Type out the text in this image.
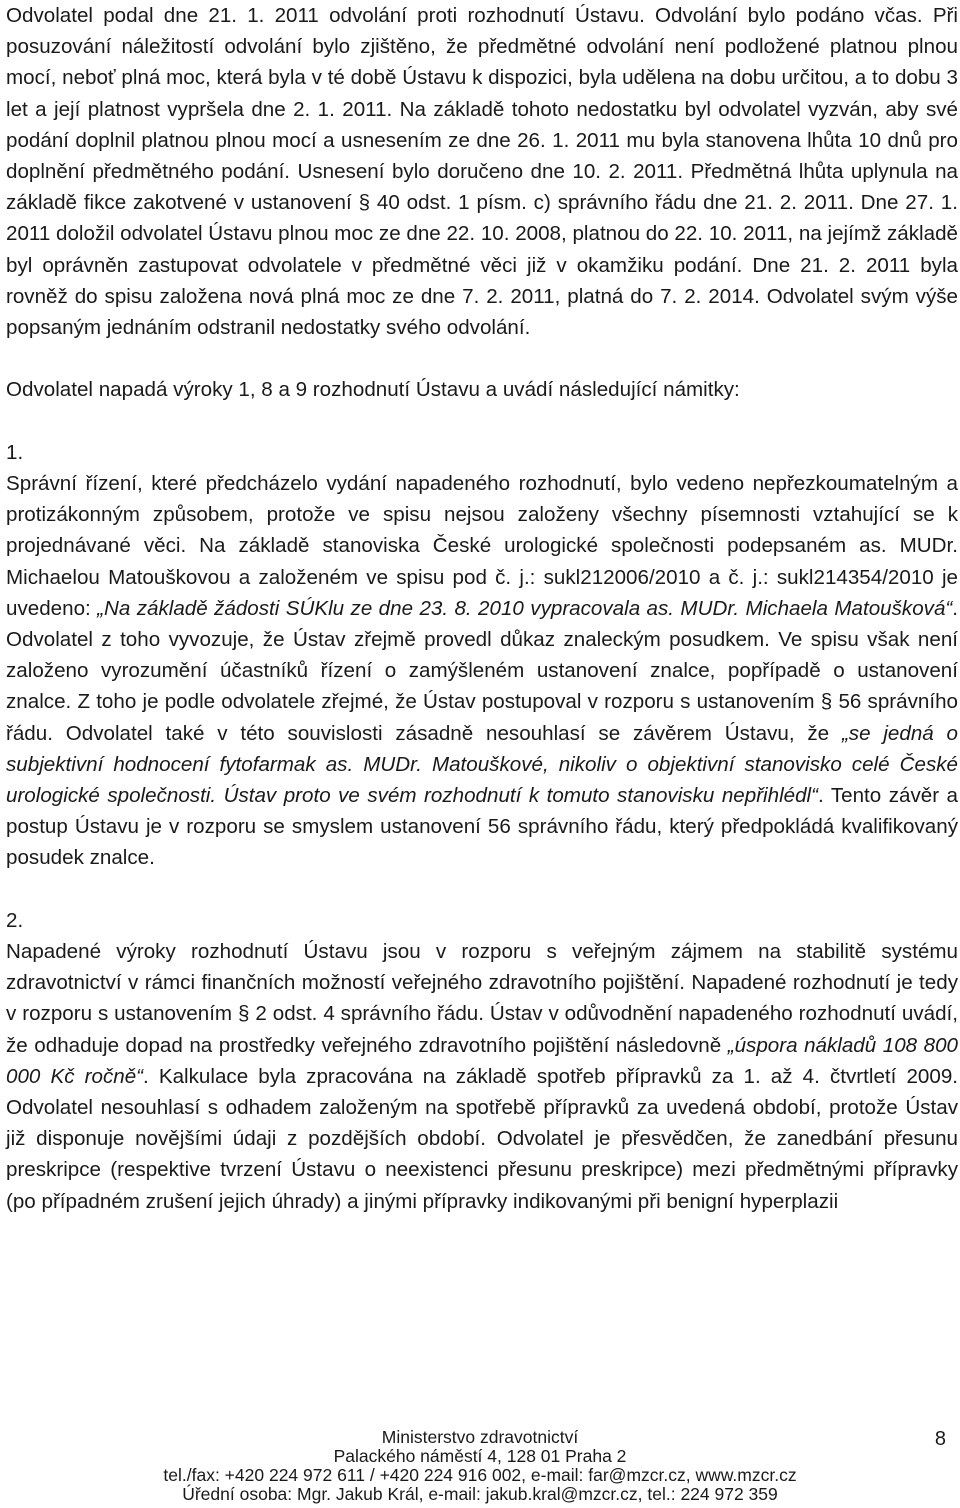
Odvolatel podal dne 21. 1. 2011 odvolání proti rozhodnutí Ústavu. Odvolání bylo podáno včas. Při posuzování náležitostí odvolání bylo zjištěno, že předmětné odvolání není podložené platnou plnou mocí, neboť plná moc, která byla v té době Ústavu k dispozici, byla udělena na dobu určitou, a to dobu 3 let a její platnost vypršela dne 2. 1. 2011. Na základě tohoto nedostatku byl odvolatel vyzván, aby své podání doplnil platnou plnou mocí a usnesením ze dne 26. 1. 2011 mu byla stanovena lhůta 10 dnů pro doplnění předmětného podání. Usnesení bylo doručeno dne 10. 2. 2011. Předmětná lhůta uplynula na základě fikce zakotvené v ustanovení § 40 odst. 1 písm. c) správního řádu dne 21. 2. 2011. Dne 27. 1. 2011 doložil odvolatel Ústavu plnou moc ze dne 22. 10. 2008, platnou do 22. 10. 2011, na jejímž základě byl oprávněn zastupovat odvolatele v předmětné věci již v okamžiku podání. Dne 21. 2. 2011 byla rovněž do spisu založena nová plná moc ze dne 7. 2. 2011, platná do 7. 2. 2014. Odvolatel svým výše popsaným jednáním odstranil nedostatky svého odvolání.

Odvolatel napadá výroky 1, 8 a 9 rozhodnutí Ústavu a uvádí následující námitky:

1.

Správní řízení, které předcházelo vydání napadeného rozhodnutí, bylo vedeno nepřezkoumatelným a protizákonným způsobem, protože ve spisu nejsou založeny všechny písemnosti vztahující se k projednávané věci. Na základě stanoviska České urologické společnosti podepsaném as. MUDr. Michaelou Matouškovou a založeném ve spisu pod č. j.: sukl212006/2010 a č. j.: sukl214354/2010 je uvedeno: „Na základě žádosti SÚKlu ze dne 23. 8. 2010 vypracovala as. MUDr. Michaela Matoušková“. Odvolatel z toho vyvozuje, že Ústav zřejmě provedl důkaz znaleckým posudkem. Ve spisu však není založeno vyrozumění účastníků řízení o zamýšleném ustanovení znalce, popřípadě o ustanovení znalce. Z toho je podle odvolatele zřejmé, že Ústav postupoval v rozporu s ustanovením § 56 správního řádu. Odvolatel také v této souvislosti zásadně nesouhlasí se závěrem Ústavu, že „se jedná o subjektivní hodnocení fytofarmak as. MUDr. Matouškové, nikoliv o objektivní stanovisko celé České urologické společnosti. Ústav proto ve svém rozhodnutí k tomuto stanovisku nepřihlédl“. Tento závěr a postup Ústavu je v rozporu se smyslem ustanovení 56 správního řádu, který předpokládá kvalifikovaný posudek znalce.

2.

Napadené výroky rozhodnutí Ústavu jsou v rozporu s veřejným zájmem na stabilitě systému zdravotnictví v rámci finančních možností veřejného zdravotního pojištění. Napadené rozhodnutí je tedy v rozporu s ustanovením § 2 odst. 4 správního řádu. Ústav v odůvodnění napadeného rozhodnutí uvádí, že odhaduje dopad na prostředky veřejného zdravotního pojištění následovně „úspora nákladů 108 800 000 Kč ročně“. Kalkulace byla zpracována na základě spotřeb přípravků za 1. až 4. čtvrtletí 2009. Odvolatel nesouhlasí s odhadem založeným na spotřebě přípravků za uvedená období, protože Ústav již disponuje novějšími údaji z pozdějších období. Odvolatel je přesvědčen, že zanedbání přesunu preskripce (respektive tvrzení Ústavu o neexistenci přesunu preskripce) mezi předmětnými přípravky (po případném zrušení jejich úhrady) a jinými přípravky indikovanými při benigní hyperplazii

Ministerstvo zdravotnictví

Palackého náměstí 4, 128 01 Praha 2

tel./fax: +420 224 972 611 / +420 224 916 002, e-mail: far@mzcr.cz, www.mzcr.cz

Úřední osoba: Mgr. Jakub Král, e-mail: jakub.kral@mzcr.cz, tel.: 224 972 359

8
